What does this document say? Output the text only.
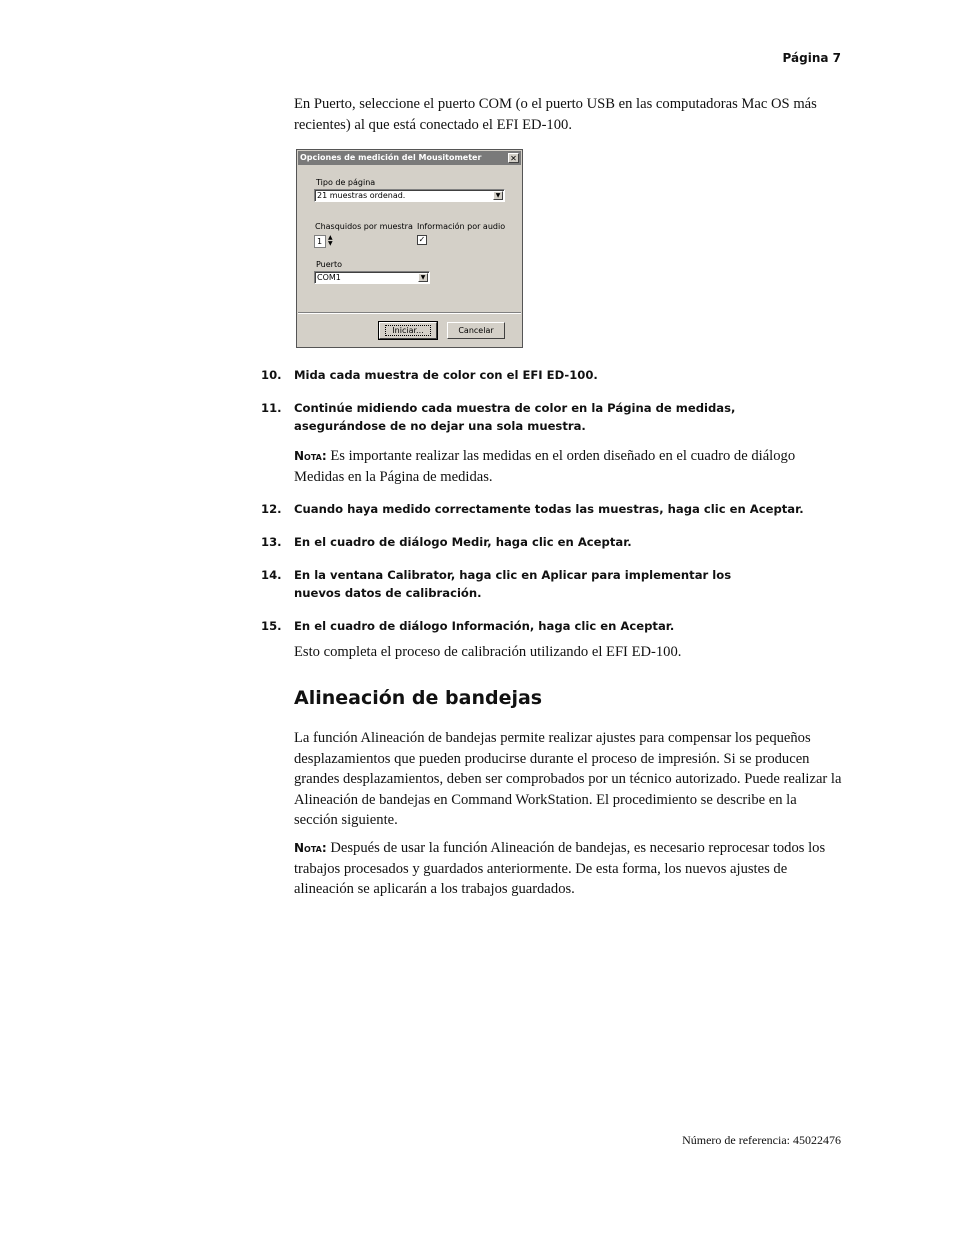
Página 7

En Puerto, seleccione el puerto COM (o el puerto USB en las computadoras Mac OS más recientes) al que está conectado el EFI ED-100.

Opciones de medición del Mousitometer	✕
Tipo de página
21 muestras ordenad.	▼
Chasquidos por muestra
1 ▲
▼
Información por audio
✓
Puerto
COM1	▼
Iniciar...	Cancelar
10. Mida cada muestra de color con el EFI ED-100.
11. Continúe midiendo cada muestra de color en la Página de medidas, asegurándose de no dejar una sola muestra.

Nota: Es importante realizar las medidas en el orden diseñado en el cuadro de diálogo Medidas en la Página de medidas.

12. Cuando haya medido correctamente todas las muestras, haga clic en Aceptar.
13. En el cuadro de diálogo Medir, haga clic en Aceptar.
14. En la ventana Calibrator, haga clic en Aplicar para implementar los nuevos datos de calibración.
15. En el cuadro de diálogo Información, haga clic en Aceptar.

Esto completa el proceso de calibración utilizando el EFI ED-100.

Alineación de bandejas

La función Alineación de bandejas permite realizar ajustes para compensar los pequeños desplazamientos que pueden producirse durante el proceso de impresión. Si se producen grandes desplazamientos, deben ser comprobados por un técnico autorizado. Puede realizar la Alineación de bandejas en Command WorkStation. El procedimiento se describe en la sección siguiente.

Nota: Después de usar la función Alineación de bandejas, es necesario reprocesar todos los trabajos procesados y guardados anteriormente. De esta forma, los nuevos ajustes de alineación se aplicarán a los trabajos guardados.

Número de referencia: 45022476
